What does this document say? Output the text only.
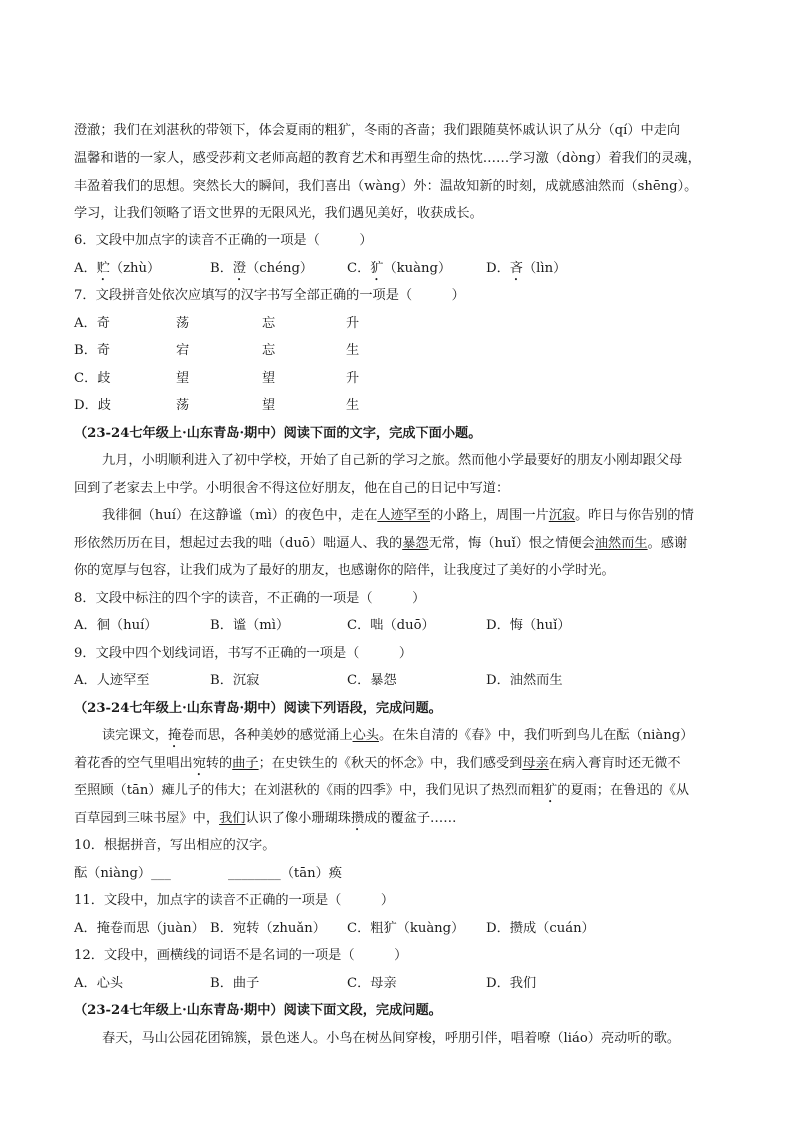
澄澈；我们在刘湛秋的带领下，体会夏雨的粗犷，冬雨的吝啬；我们跟随莫怀戚认识了从分（qí）中走向
温馨和谐的一家人，感受莎莉文老师高超的教育艺术和再塑生命的热忱……学习激（dòng）着我们的灵魂，
丰盈着我们的思想。突然长大的瞬间，我们喜出（wàng）外：温故知新的时刻，成就感油然而（shēng）。
学习，让我们领略了语文世界的无限风光，我们遇见美好，收获成长。
6．文段中加点字的读音不正确的一项是（　　　）
A．贮（zhù）	B．澄（chéng）	C．犷（kuàng）	D．吝（lìn）
7．文段拼音处依次应填写的汉字书写全部正确的一项是（　　　）
A．奇	荡	忘	升
B．奇	宕	忘	生
C．歧	望	望	升
D．歧	荡	望	生
（23-24七年级上·山东青岛·期中）阅读下面的文字，完成下面小题。
九月，小明顺利进入了初中学校，开始了自己新的学习之旅。然而他小学最要好的朋友小刚却跟父母
回到了老家去上中学。小明很舍不得这位好朋友，他在自己的日记中写道：
我徘徊（huí）在这静谧（mì）的夜色中，走在人迹罕至的小路上，周围一片沉寂。昨日与你告别的情
形依然历历在目，想起过去我的咄（duō）咄逼人、我的暴怨无常，悔（huǐ）恨之情便会油然而生。感谢
你的宽厚与包容，让我们成为了最好的朋友，也感谢你的陪伴，让我度过了美好的小学时光。
8．文段中标注的四个字的读音，不正确的一项是（　　　）
A．徊（huí）	B．谧（mì）	C．咄（duō）	D．悔（huǐ）
9．文段中四个划线词语，书写不正确的一项是（　　　）
A．人迹罕至	B．沉寂	C．暴怨	D．油然而生
（23-24七年级上·山东青岛·期中）阅读下列语段，完成问题。
读完课文，掩卷而思，各种美妙的感觉涌上心头。在朱自清的《春》中，我们听到鸟儿在酝（niàng）
着花香的空气里唱出宛转的曲子；在史铁生的《秋天的怀念》中，我们感受到母亲在病入膏肓时还无微不
至照顾（tān）瘫儿子的伟大；在刘湛秋的《雨的四季》中，我们见识了热烈而粗犷的夏雨；在鲁迅的《从
百草园到三味书屋》中，我们认识了像小珊瑚珠攒成的覆盆子……
10．根据拼音，写出相应的汉字。
酝（niàng）___	________（tān）痪
11．文段中，加点字的读音不正确的一项是（　　　）
A．掩卷而思（juàn） B．宛转（zhuǎn） C．粗犷（kuàng） D．攒成（cuán）
12．文段中，画横线的词语不是名词的一项是（　　　）
A．心头	B．曲子	C．母亲	D．我们
（23-24七年级上·山东青岛·期中）阅读下面文段，完成问题。
春天，马山公园花团锦簇，景色迷人。小鸟在树丛间穿梭，呼朋引伴，唱着嘹（liáo）亮动听的歌。
